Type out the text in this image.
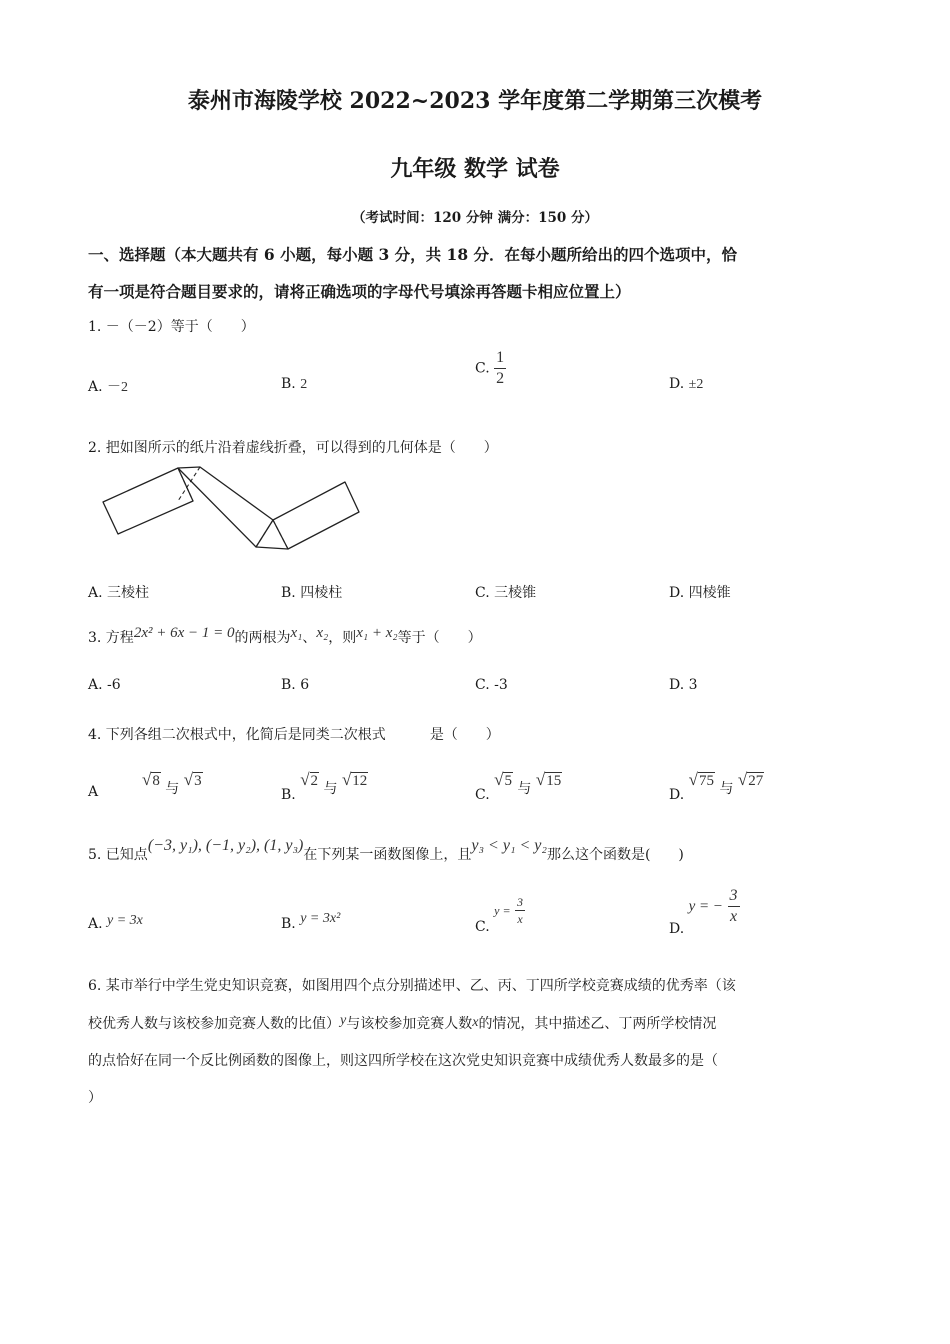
泰州市海陵学校 2022~2023 学年度第二学期第三次模考
九年级 数学 试卷
（考试时间：120 分钟 满分：150 分）
一、选择题（本大题共有 6 小题，每小题 3 分，共 18 分．在每小题所给出的四个选项中，恰
有一项是符合题目要求的，请将正确选项的字母代号填涂再答题卡相应位置上）
1. －（－2）等于（　　）
A. －2	B. 2
C. $\frac{1}{2}$	D. ±2
2. 把如图所示的纸片沿着虚线折叠，可以得到的几何体是（　　）
A. 三棱柱	B. 四棱柱	C. 三棱锥	D. 四棱锥
3. 方程2x² + 6x − 1 = 0的两根为x₁、x₂，则x₁ + x₂等于（　　）
A. -6	B. 6	C. -3	D. 3
4. 下列各组二次根式中，化简后是同类二次根式	是（　　）
A
√8 与 √3
B. √2 与 √12
C. √5 与 √15
D. √75 与 √27
5. 已知点(−3, y₁), (−1, y₂), (1, y₃)在下列某一函数图像上，且y₃ < y₁ < y₂那么这个函数是(　　)
A. y = 3x	B. y = 3x²	C. $y = \frac{3}{x}$
D. y = − $\frac{3}{x}$
6. 某市举行中学生党史知识竞赛，如图用四个点分别描述甲、乙、丙、丁四所学校竞赛成绩的优秀率（该
校优秀人数与该校参加竞赛人数的比值）y与该校参加竞赛人数x的情况，其中描述乙、丁两所学校情况
的点恰好在同一个反比例函数的图像上，则这四所学校在这次党史知识竞赛中成绩优秀人数最多的是（
）
